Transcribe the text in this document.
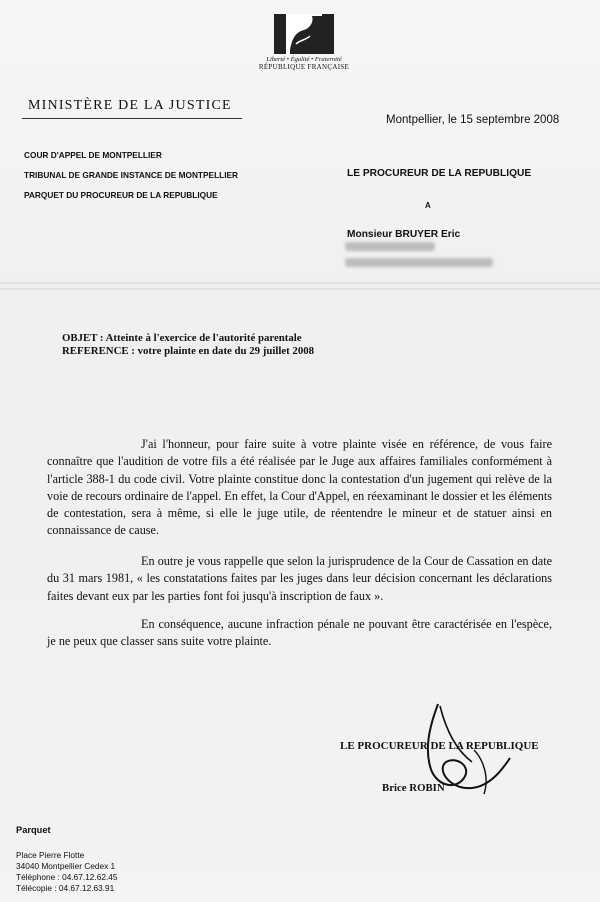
Liberté • Égalité • Fraternité
RÉPUBLIQUE FRANÇAISE
MINISTÈRE DE LA JUSTICE
Montpellier, le 15 septembre 2008
COUR D'APPEL DE MONTPELLIER
TRIBUNAL DE GRANDE INSTANCE DE MONTPELLIER
PARQUET DU PROCUREUR DE LA REPUBLIQUE
LE PROCUREUR DE LA REPUBLIQUE
A
Monsieur BRUYER Eric
OBJET : Atteinte à l'exercice de l'autorité parentale
REFERENCE : votre plainte en date du 29 juillet 2008
J'ai l'honneur, pour faire suite à votre plainte visée en référence, de vous faire connaître que l'audition de votre fils a été réalisée par le Juge aux affaires familiales conformément à l'article 388-1 du code civil. Votre plainte constitue donc la contestation d'un jugement qui relève de la voie de recours ordinaire de l'appel. En effet, la Cour d'Appel, en réexaminant le dossier et les éléments de contestation, sera à même, si elle le juge utile, de réentendre le mineur et de statuer ainsi en connaissance de cause.
En outre je vous rappelle que selon la jurisprudence de la Cour de Cassation en date du 31 mars 1981, « les constatations faites par les juges dans leur décision concernant les déclarations faites devant eux par les parties font foi jusqu'à inscription de faux ».
En conséquence, aucune infraction pénale ne pouvant être caractérisée en l'espèce, je ne peux que classer sans suite votre plainte.
LE PROCUREUR DE LA REPUBLIQUE
Brice ROBIN
Parquet
Place Pierre Flotte
34040 Montpellier Cedex 1
Téléphone : 04.67.12.62.45
Télécopie : 04.67.12.63.91
